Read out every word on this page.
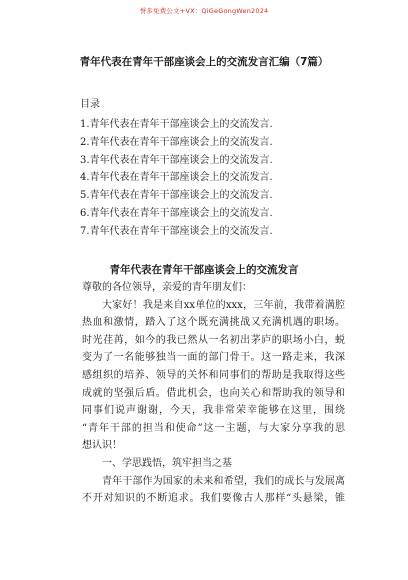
誉多免费公文+VX：QiGeGongWen2024
青年代表在青年干部座谈会上的交流发言汇编（7篇）
目录
1.青年代表在青年干部座谈会上的交流发言.
2.青年代表在青年干部座谈会上的交流发言.
3.青年代表在青年干部座谈会上的交流发言.
4.青年代表在青年干部座谈会上的交流发言.
5.青年代表在青年干部座谈会上的交流发言.
6.青年代表在青年干部座谈会上的交流发言.
7.青年代表在青年干部座谈会上的交流发言.
青年代表在青年干部座谈会上的交流发言
尊敬的各位领导，亲爱的青年朋友们：
大家好！我是来自xx单位的xxx，三年前，我带着满腔
热血和激情，踏入了这个既充满挑战又充满机遇的职场。
时光荏苒，如今的我已然从一名初出茅庐的职场小白，蜕
变为了一名能够独当一面的部门骨干。这一路走来，我深
感组织的培养、领导的关怀和同事们的帮助是我取得这些
成就的坚强后盾。借此机会，也向关心和帮助我的领导和
同事们说声谢谢，今天，我非常荣幸能够在这里，围绕
“青年干部的担当和使命”这一主题，与大家分享我的思
想认识！
一、学思践悟，筑牢担当之基
青年干部作为国家的未来和希望，我们的成长与发展离
不开对知识的不断追求。我们要像古人那样“头悬梁，锥
